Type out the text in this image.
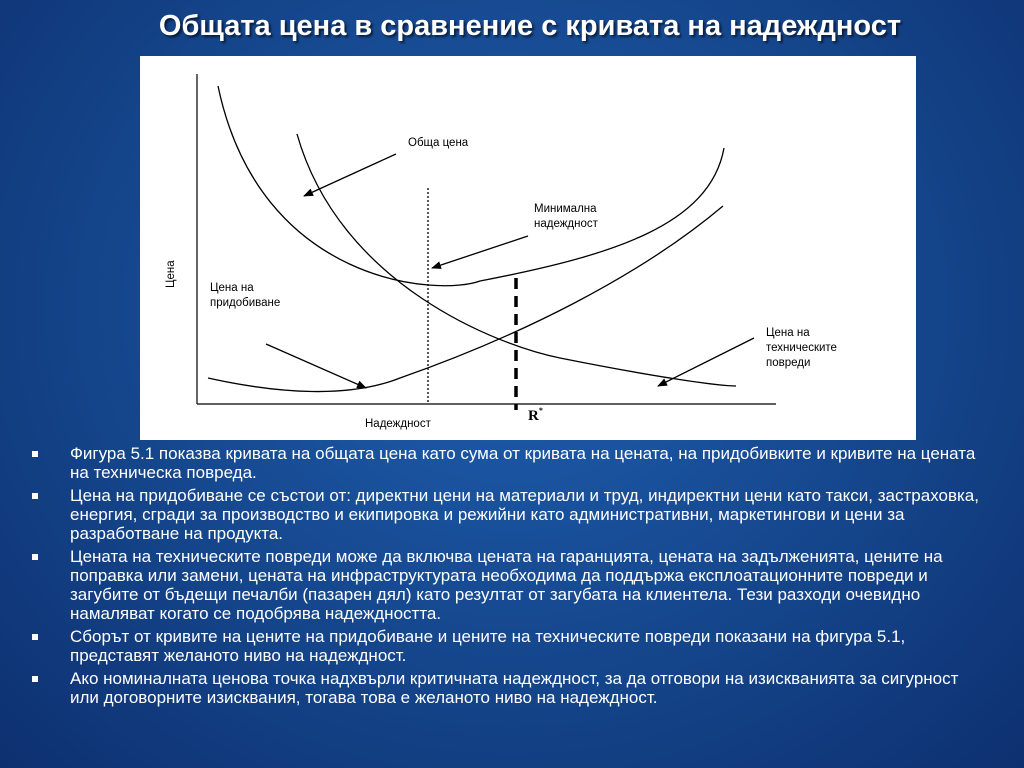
Общата цена в сравнение с кривата на надеждност
Цена
Надеждност	R*
Обща цена
Минимална
надеждност
Цена на
придобиване
Цена на
техническите
повреди
Фигура 5.1 показва кривата на общата цена като сума от кривата на цената, на придобивките и кривите на цената на техническа повреда.
Цена на придобиване се състои от: директни цени на материали и труд, индиректни цени като такси, застраховка, енергия, сгради за производство и екипировка и режийни като административни, маркетингови и цени за разработване на продукта.
Цената на техническите повреди може да включва цената на гаранцията, цената на задълженията, цените на поправка или замени, цената на инфраструктурата необходима да поддържа експлоатационните повреди и загубите от бъдещи печалби (пазарен дял) като резултат от загубата на клиентела. Тези разходи очевидно намаляват когато се подобрява надеждността.
Сборът от кривите на цените на придобиване и цените на техническите повреди показани на фигура 5.1, представят желаното ниво на надеждност.
Ако номиналната ценова точка надхвърли критичната надеждност, за да отговори на изискванията за сигурност или договорните изисквания, тогава това е желаното ниво на надеждност.
